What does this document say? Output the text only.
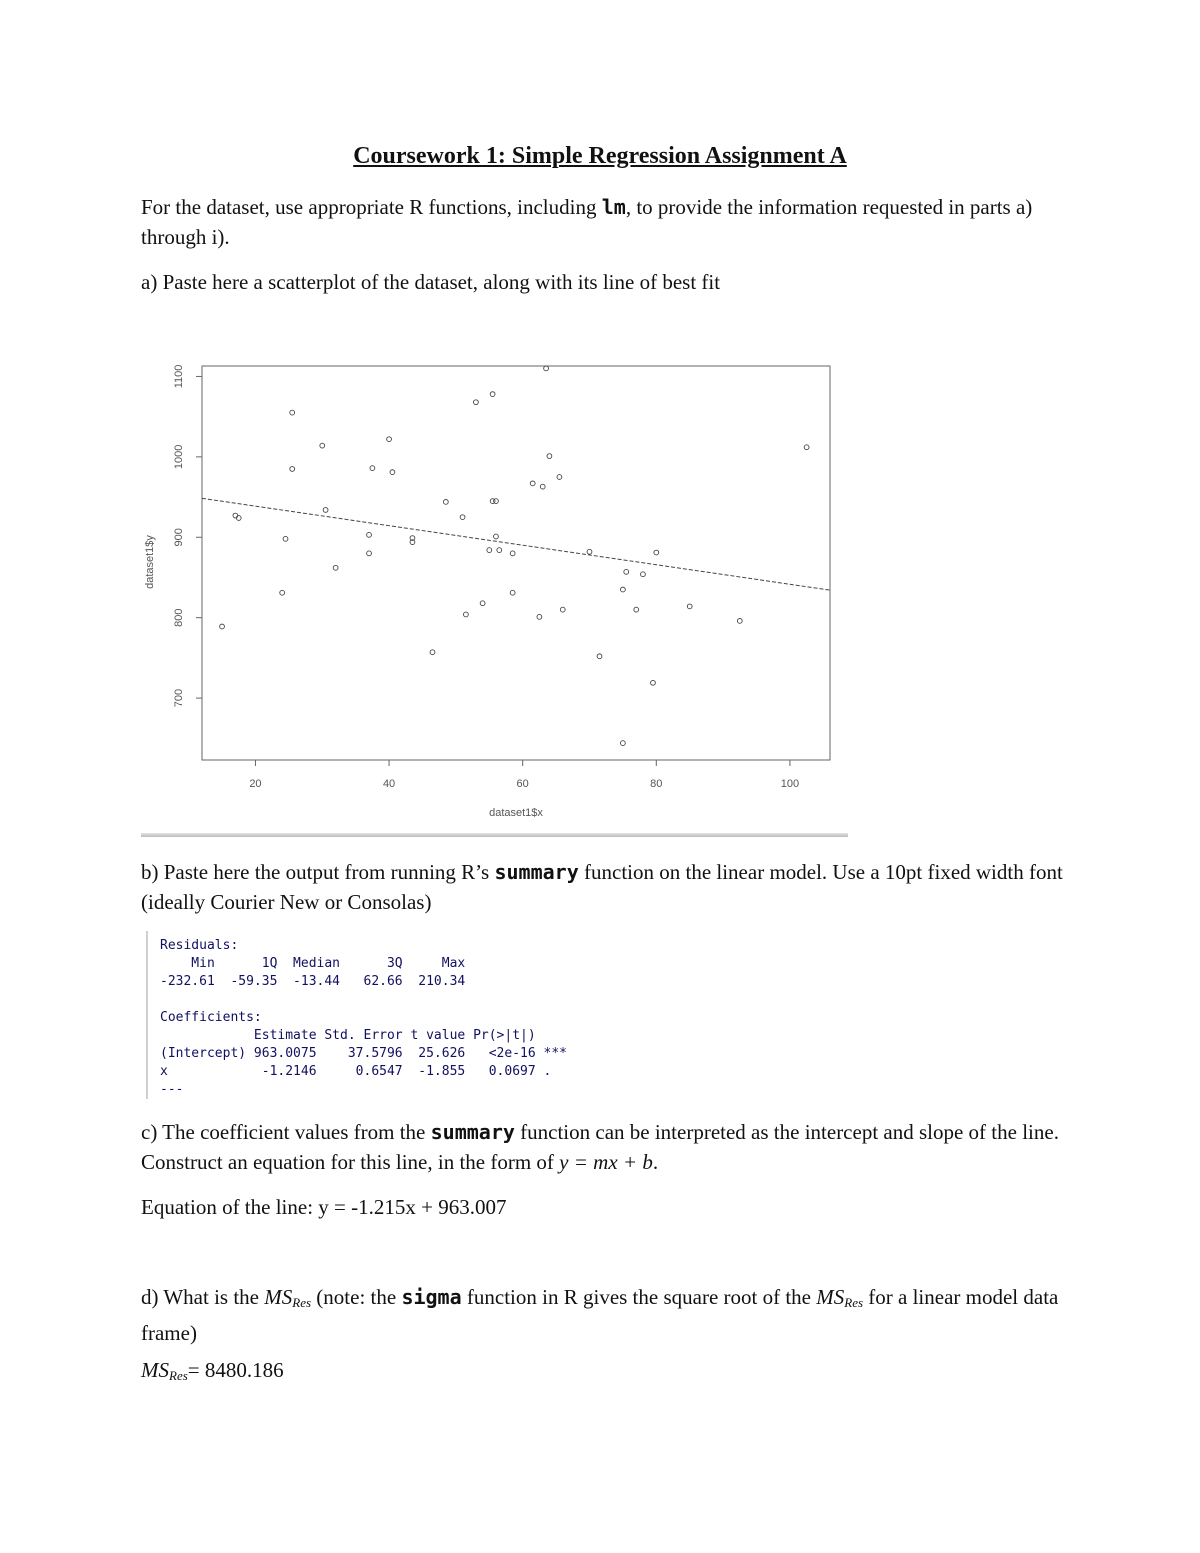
Coursework 1: Simple Regression Assignment A

For the dataset, use appropriate R functions, including lm, to provide the information requested in parts a) through i).

a) Paste here a scatterplot of the dataset, along with its line of best fit

20	40	60	80	100
700
800
900
1000
1100
dataset1$x
dataset1$y

b) Paste here the output from running R’s summary function on the linear model. Use a 10pt fixed width font (ideally Courier New or Consolas)

Residuals:
Min      1Q  Median      3Q     Max
-232.61  -59.35  -13.44   62.66  210.34

Coefficients:
Estimate Std. Error t value Pr(>|t|)
(Intercept) 963.0075    37.5796  25.626   <2e-16 ***
x            -1.2146     0.6547  -1.855   0.0697 .
---

c) The coefficient values from the summary function can be interpreted as the intercept and slope of the line. Construct an equation for this line, in the form of y = mx + b.

Equation of the line: y = -1.215x + 963.007

d) What is the $MS_{Res}$ (note: the sigma function in R gives the square root of the $MS_{Res}$ for a linear model data frame)

$MS_{Res}= 8480.186$
